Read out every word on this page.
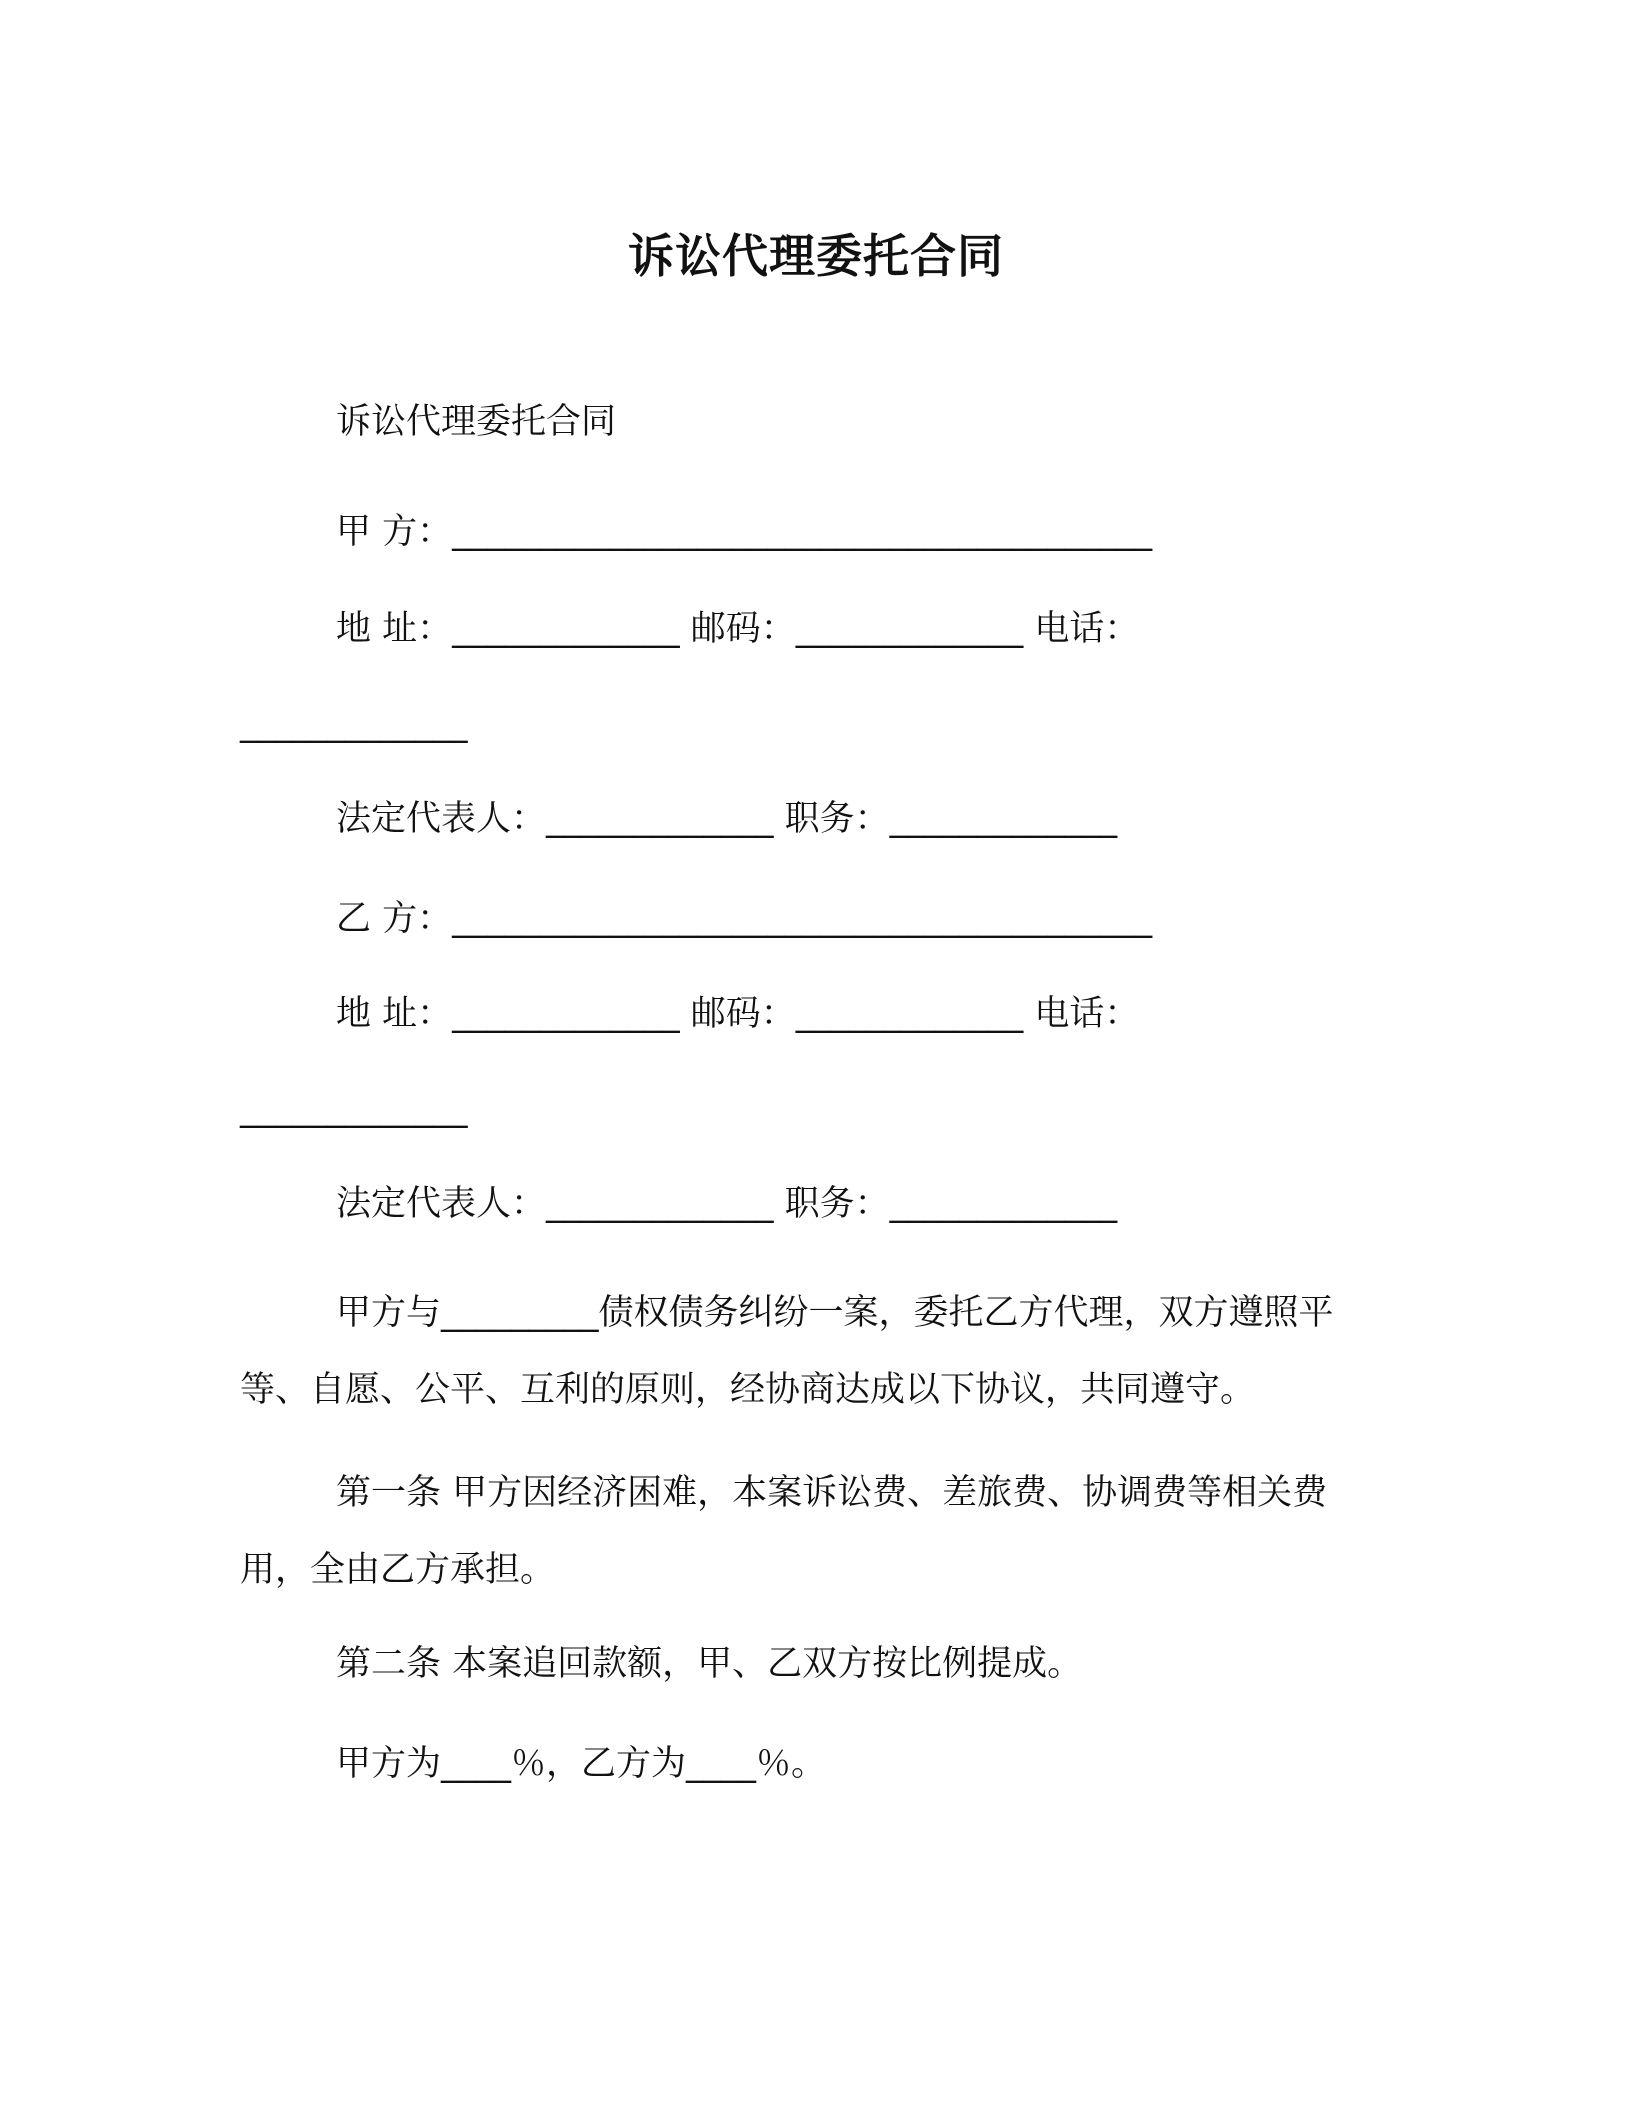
诉讼代理委托合同

诉讼代理委托合同

甲 方：________________________________________

地 址：_____________ 邮码：_____________ 电话：

_____________

法定代表人：_____________ 职务：_____________

乙 方：________________________________________

地 址：_____________ 邮码：_____________ 电话：

_____________

法定代表人：_____________ 职务：_____________

甲方与_________债权债务纠纷一案，委托乙方代理，双方遵照平等、自愿、公平、互利的原则，经协商达成以下协议，共同遵守。

第一条 甲方因经济困难，本案诉讼费、差旅费、协调费等相关费用，全由乙方承担。

第二条 本案追回款额，甲、乙双方按比例提成。

甲方为____％，乙方为____％。
